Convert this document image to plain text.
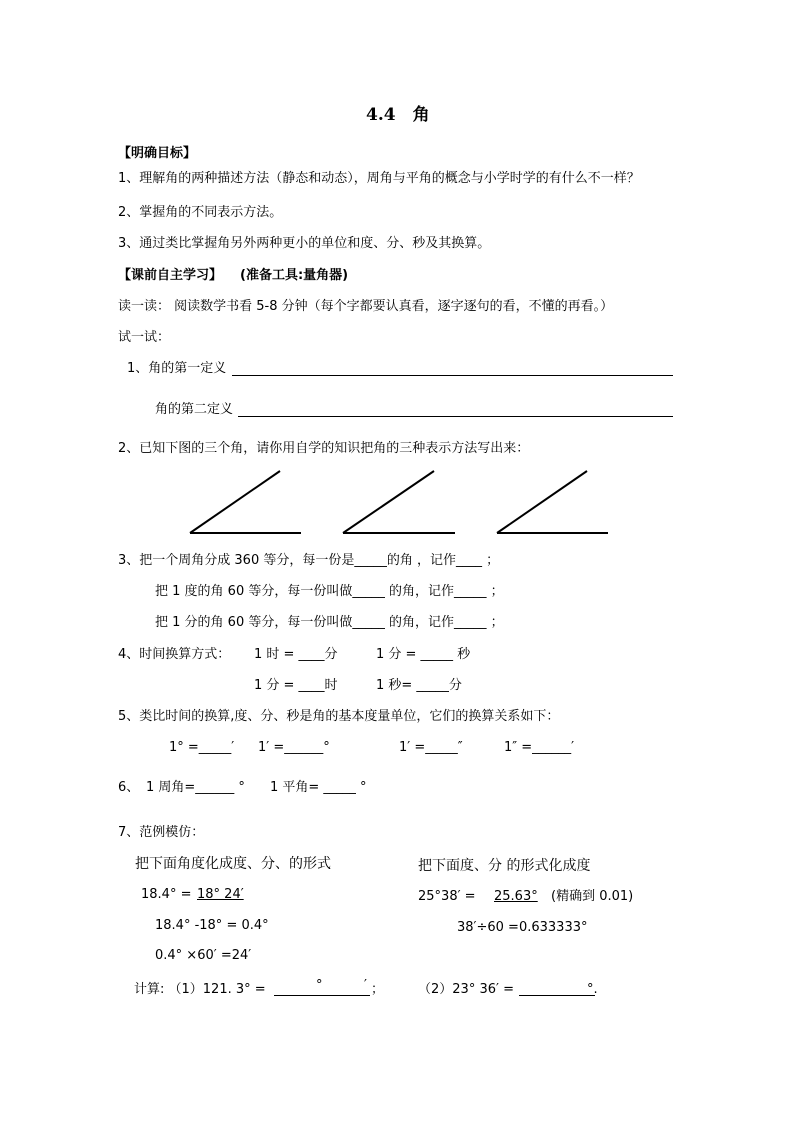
4.4　角
【明确目标】
1、理解角的两种描述方法（静态和动态），周角与平角的概念与小学时学的有什么不一样？
2、掌握角的不同表示方法。
3、通过类比掌握角另外两种更小的单位和度、分、秒及其换算。
【课前自主学习】 (准备工具:量角器)
读一读： 阅读数学书看 5-8 分钟（每个字都要认真看，逐字逐句的看，不懂的再看。）
试一试：
1、角的第一定义
角的第二定义
2、已知下图的三个角，请你用自学的知识把角的三种表示方法写出来：
3、把一个周角分成 360 等分，每一份是_____的角 ，记作____ ；
把 1 度的角 60 等分，每一份叫做_____ 的角，记作_____ ；
把 1 分的角 60 等分，每一份叫做_____ 的角，记作_____ ；
4、时间换算方式： 1 时 = ____分	1 分 = _____ 秒
1 分 = ____时	1 秒= _____分
5、类比时间的换算,度、分、秒是角的基本度量单位，它们的换算关系如下：
1° =_____′ 1′ =______°	1′ =_____″	1″ =______′
6、 1 周角=______ ° 1 平角= _____ °
7、范例模仿：
把下面角度化成度、分、的形式
18.4° = 18° 24′
18.4° -18° = 0.4°
0.4° ×60′ =24′
把下面度、分 的形式化成度
25°38′ = 25.63° (精确到 0.01)
38′÷60 =0.633333°
计算: （1）121. 3° =	°	′ ；	（2）23° 36′ =	°.
